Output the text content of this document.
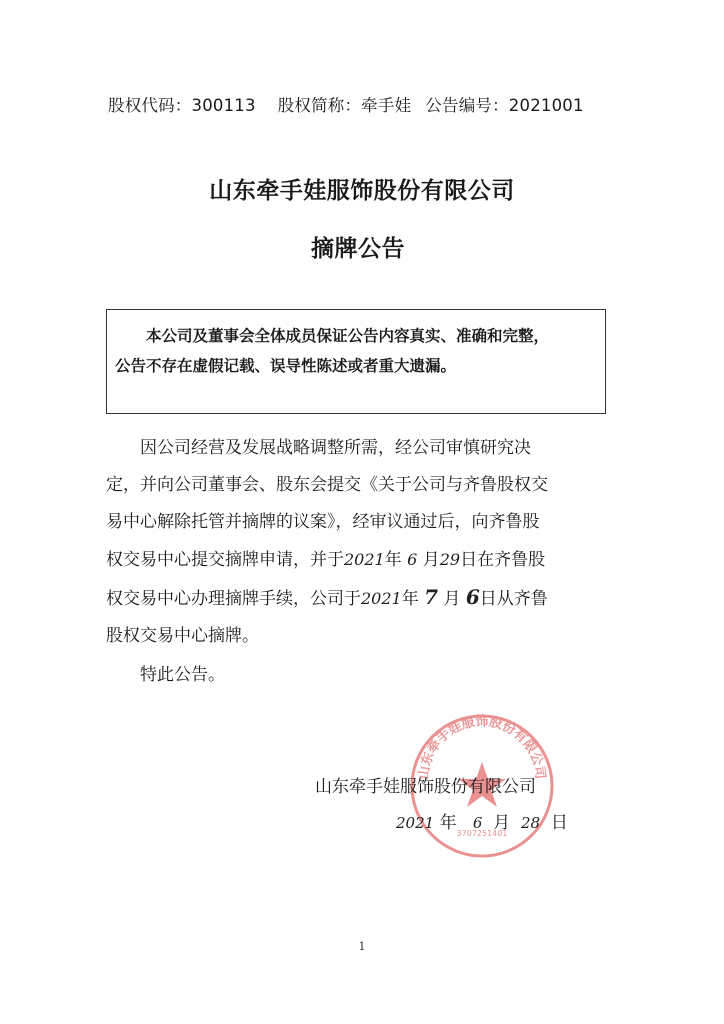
股权代码：300113 股权简称：牵手娃 公告编号：2021001
山东牵手娃服饰股份有限公司
摘牌公告
本公司及董事会全体成员保证公告内容真实、准确和完整，
公告不存在虚假记载、误导性陈述或者重大遗漏。
因公司经营及发展战略调整所需，经公司审慎研究决
定，并向公司董事会、股东会提交《关于公司与齐鲁股权交
易中心解除托管并摘牌的议案》，经审议通过后，向齐鲁股
权交易中心提交摘牌申请，并于2021年 6 月29日在齐鲁股
权交易中心办理摘牌手续，公司于2021年 7 月 6日从齐鲁
股权交易中心摘牌。
特此公告。
山东牵手娃服饰股份有限公司
3707251401
山东牵手娃服饰股份有限公司
2021 年 6 月 28 日
1
